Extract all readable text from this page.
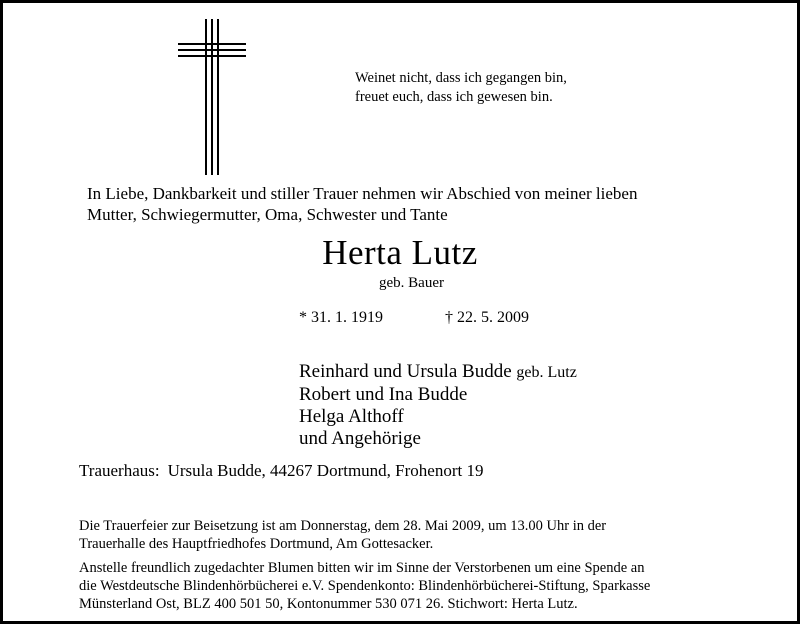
Weinet nicht, dass ich gegangen bin,
freuet euch, dass ich gewesen bin.
In Liebe, Dankbarkeit und stiller Trauer nehmen wir Abschied von meiner lieben
Mutter, Schwiegermutter, Oma, Schwester und Tante
Herta Lutz
geb. Bauer
* 31. 1. 1919	† 22. 5. 2009
Reinhard und Ursula Budde geb. Lutz
Robert und Ina Budde
Helga Althoff
und Angehörige
Trauerhaus: Ursula Budde, 44267 Dortmund, Frohenort 19
Die Trauerfeier zur Beisetzung ist am Donnerstag, dem 28. Mai 2009, um 13.00 Uhr in der
Trauerhalle des Hauptfriedhofes Dortmund, Am Gottesacker.
Anstelle freundlich zugedachter Blumen bitten wir im Sinne der Verstorbenen um eine Spende an
die Westdeutsche Blindenhörbücherei e.V. Spendenkonto: Blindenhörbücherei-Stiftung, Sparkasse
Münsterland Ost, BLZ 400 501 50, Kontonummer 530 071 26. Stichwort: Herta Lutz.
